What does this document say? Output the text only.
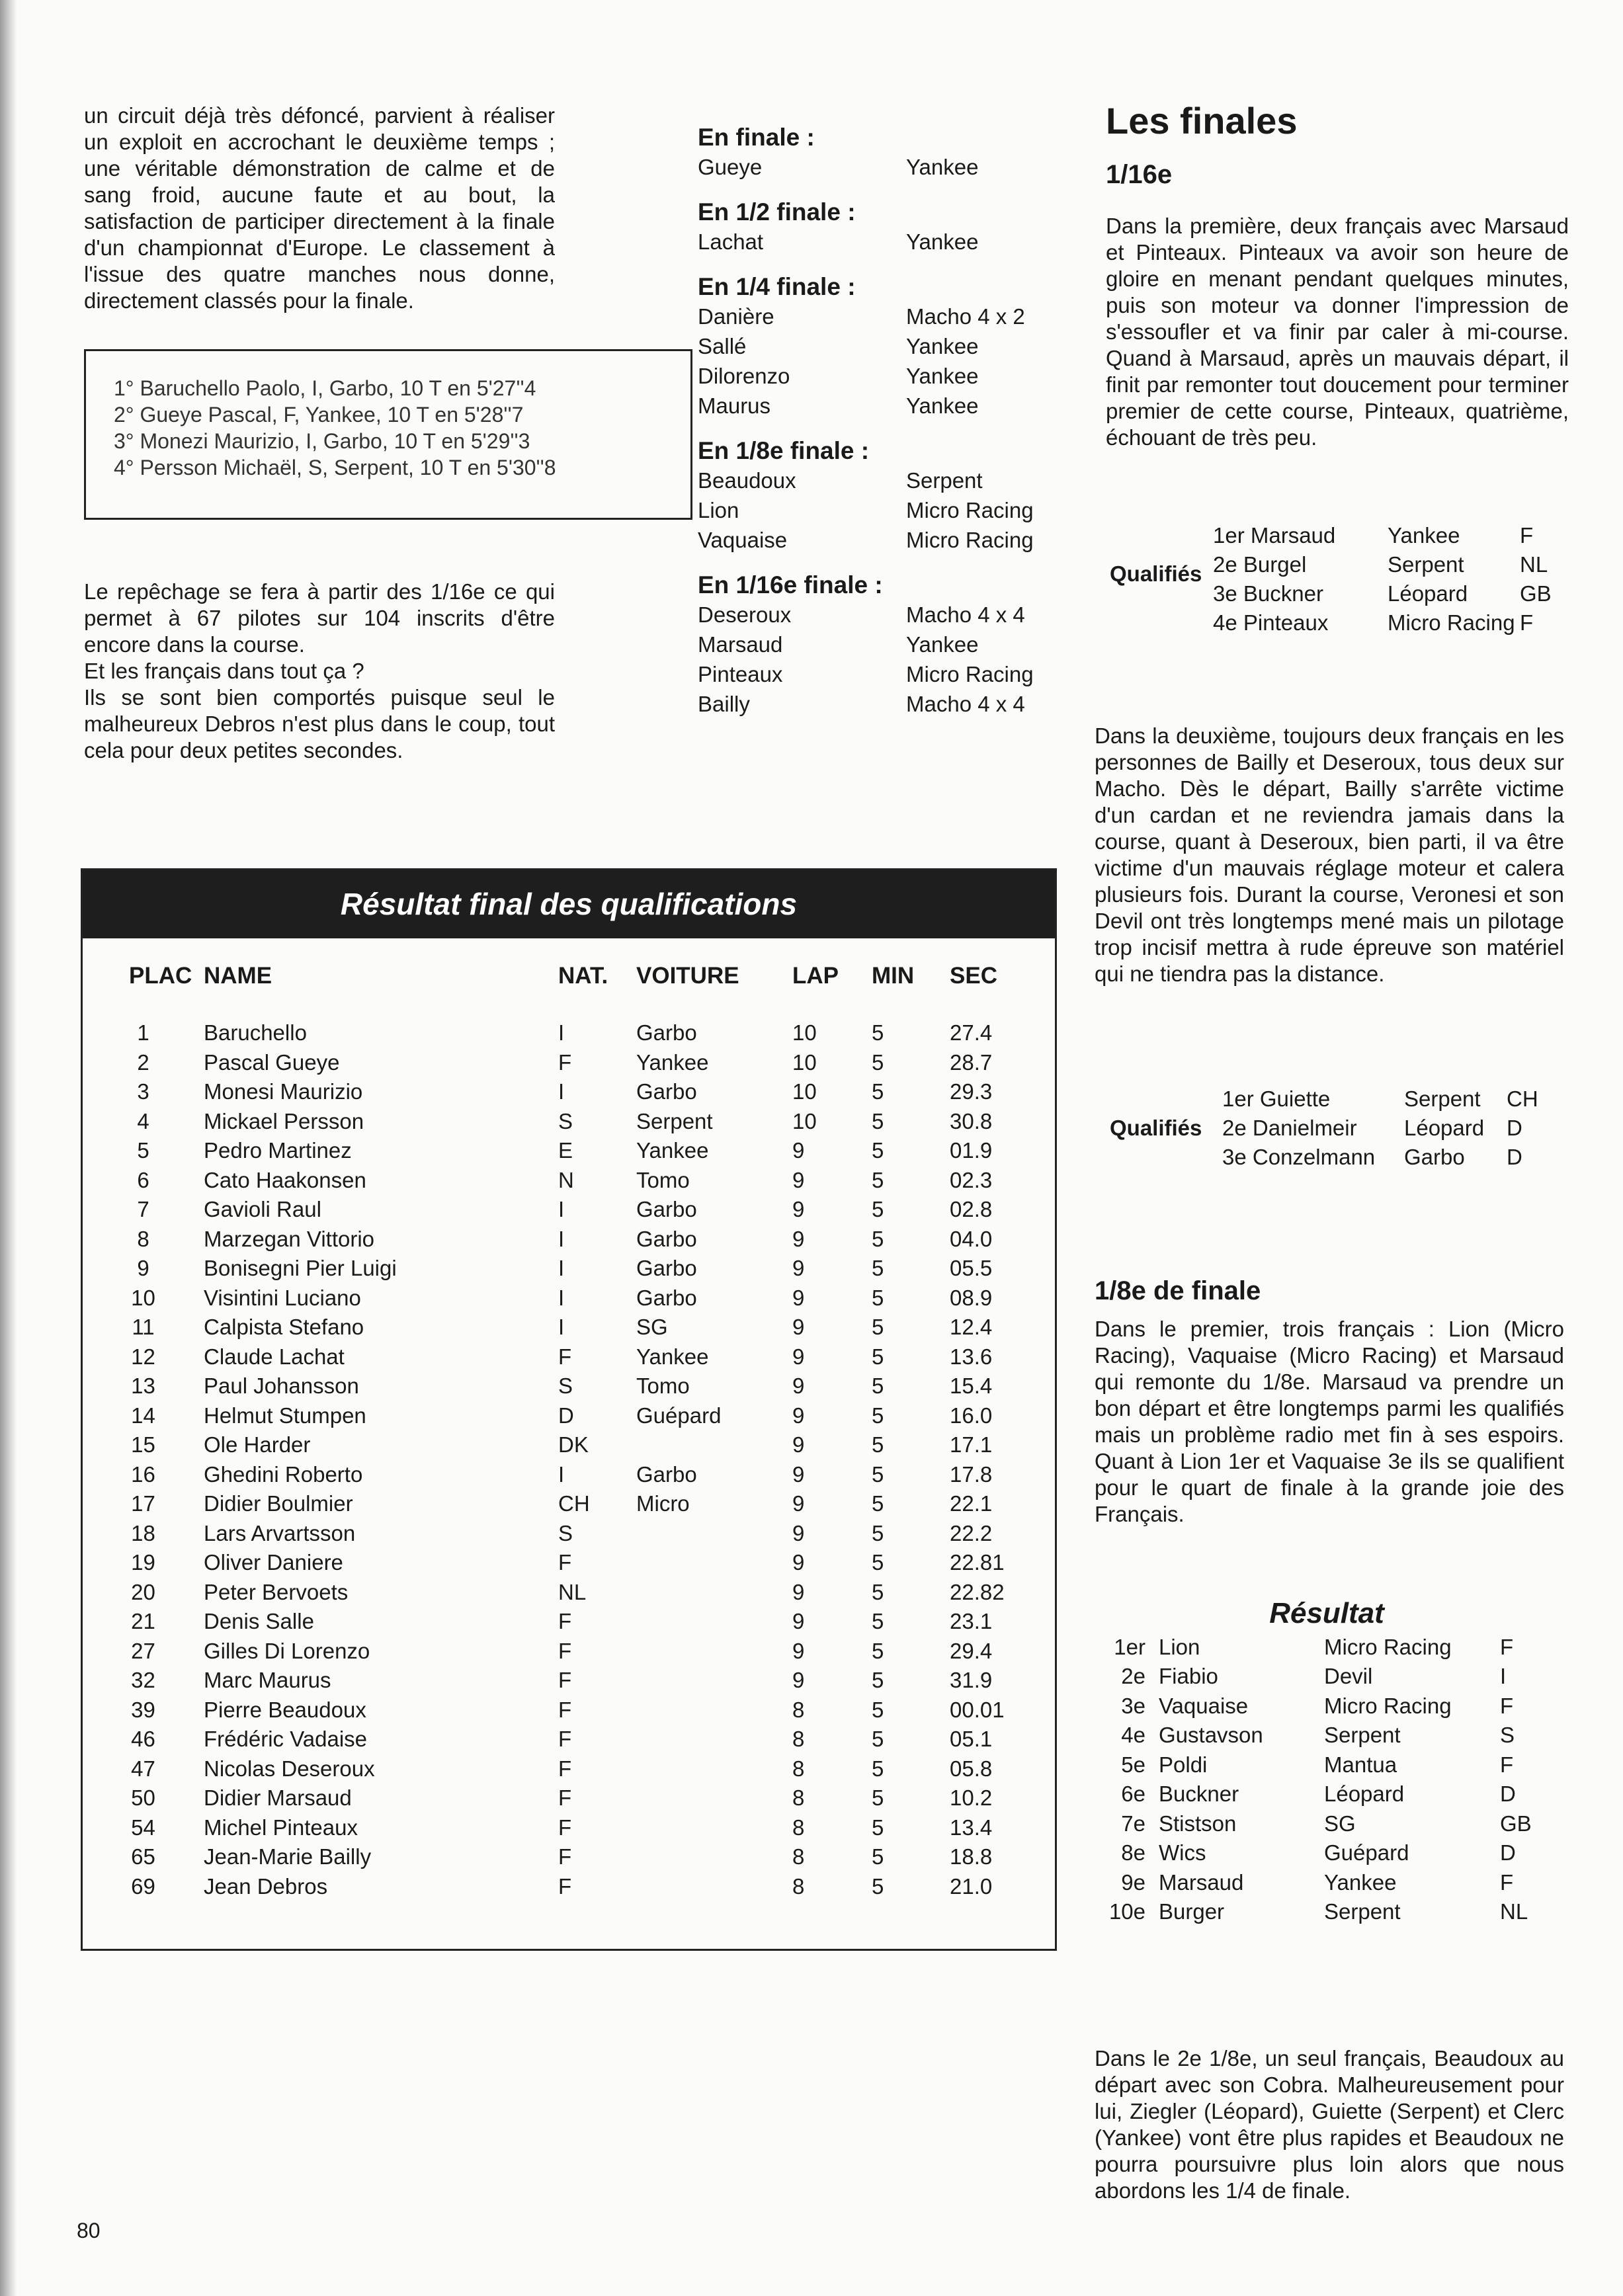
un circuit déjà très défoncé, parvient à réaliser un exploit en accrochant le deuxième temps ; une véritable démonstration de calme et de sang froid, aucune faute et au bout, la satisfaction de participer directement à la finale d'un championnat d'Europe. Le classement à l'issue des quatre manches nous donne, directement classés pour la finale.
1° Baruchello Paolo, I, Garbo, 10 T en 5'27''4
2° Gueye Pascal, F, Yankee, 10 T en 5'28''7
3° Monezi Maurizio, I, Garbo, 10 T en 5'29''3
4° Persson Michaël, S, Serpent, 10 T en 5'30''8
Le repêchage se fera à partir des 1/16e ce qui permet à 67 pilotes sur 104 inscrits d'être encore dans la course.
Et les français dans tout ça ?
Ils se sont bien comportés puisque seul le malheureux Debros n'est plus dans le coup, tout cela pour deux petites secondes.
En finale :
Gueye	Yankee
En 1/2 finale :
Lachat	Yankee
En 1/4 finale :
Danière	Macho 4 x 2
Sallé	Yankee
Dilorenzo	Yankee
Maurus	Yankee
En 1/8e finale :
Beaudoux	Serpent
Lion	Micro Racing
Vaquaise	Micro Racing
En 1/16e finale :
Deseroux	Macho 4 x 4
Marsaud	Yankee
Pinteaux	Micro Racing
Bailly	Macho 4 x 4
Les finales
1/16e
Dans la première, deux français avec Marsaud et Pinteaux. Pinteaux va avoir son heure de gloire en menant pendant quelques minutes, puis son moteur va donner l'impression de s'essoufler et va finir par caler à mi-course. Quand à Marsaud, après un mauvais départ, il finit par remonter tout doucement pour terminer premier de cette course, Pinteaux, quatrième, échouant de très peu.
Qualifiés
1er Marsaud	Yankee	F
2e Burgel	Serpent	NL
3e Buckner	Léopard	GB
4e Pinteaux	Micro Racing F
Dans la deuxième, toujours deux français en les personnes de Bailly et Deseroux, tous deux sur Macho. Dès le départ, Bailly s'arrête victime d'un cardan et ne reviendra jamais dans la course, quant à Deseroux, bien parti, il va être victime d'un mauvais réglage moteur et calera plusieurs fois. Durant la course, Veronesi et son Devil ont très longtemps mené mais un pilotage trop incisif mettra à rude épreuve son matériel qui ne tiendra pas la distance.
Qualifiés
1er Guiette	Serpent	CH
2e Danielmeir	Léopard	D
3e Conzelmann	Garbo	D
1/8e de finale
Dans le premier, trois français : Lion (Micro Racing), Vaquaise (Micro Racing) et Marsaud qui remonte du 1/8e. Marsaud va prendre un bon départ et être longtemps parmi les qualifiés mais un problème radio met fin à ses espoirs. Quant à Lion 1er et Vaquaise 3e ils se qualifient pour le quart de finale à la grande joie des Français.
Résultat
1er Lion	Micro Racing	F
2e Fiabio	Devil	I
3e Vaquaise	Micro Racing	F
4e Gustavson	Serpent	S
5e Poldi	Mantua	F
6e Buckner	Léopard	D
7e Stistson	SG	GB
8e Wics	Guépard	D
9e Marsaud	Yankee	F
10e Burger	Serpent	NL
Dans le 2e 1/8e, un seul français, Beaudoux au départ avec son Cobra. Malheureusement pour lui, Ziegler (Léopard), Guiette (Serpent) et Clerc (Yankee) vont être plus rapides et Beaudoux ne pourra poursuivre plus loin alors que nous abordons les 1/4 de finale.
Résultat final des qualifications
PLAC	NAME	NAT.	VOITURE	LAP	MIN	SEC

1	Baruchello	I	Garbo	10	5	27.4
2	Pascal Gueye	F	Yankee	10	5	28.7
3	Monesi Maurizio	I	Garbo	10	5	29.3
4	Mickael Persson	S	Serpent	10	5	30.8
5	Pedro Martinez	E	Yankee	9	5	01.9
6	Cato Haakonsen	N	Tomo	9	5	02.3
7	Gavioli Raul	I	Garbo	9	5	02.8
8	Marzegan Vittorio	I	Garbo	9	5	04.0
9	Bonisegni Pier Luigi	I	Garbo	9	5	05.5
10	Visintini Luciano	I	Garbo	9	5	08.9
11	Calpista Stefano	I	SG	9	5	12.4
12	Claude Lachat	F	Yankee	9	5	13.6
13	Paul Johansson	S	Tomo	9	5	15.4
14	Helmut Stumpen	D	Guépard	9	5	16.0
15	Ole Harder	DK		9	5	17.1
16	Ghedini Roberto	I	Garbo	9	5	17.8
17	Didier Boulmier	CH	Micro	9	5	22.1
18	Lars Arvartsson	S		9	5	22.2
19	Oliver Daniere	F		9	5	22.81
20	Peter Bervoets	NL		9	5	22.82
21	Denis Salle	F		9	5	23.1
27	Gilles Di Lorenzo	F		9	5	29.4
32	Marc Maurus	F		9	5	31.9
39	Pierre Beaudoux	F		8	5	00.01
46	Frédéric Vadaise	F		8	5	05.1
47	Nicolas Deseroux	F		8	5	05.8
50	Didier Marsaud	F		8	5	10.2
54	Michel Pinteaux	F		8	5	13.4
65	Jean-Marie Bailly	F		8	5	18.8
69	Jean Debros	F		8	5	21.0
80
